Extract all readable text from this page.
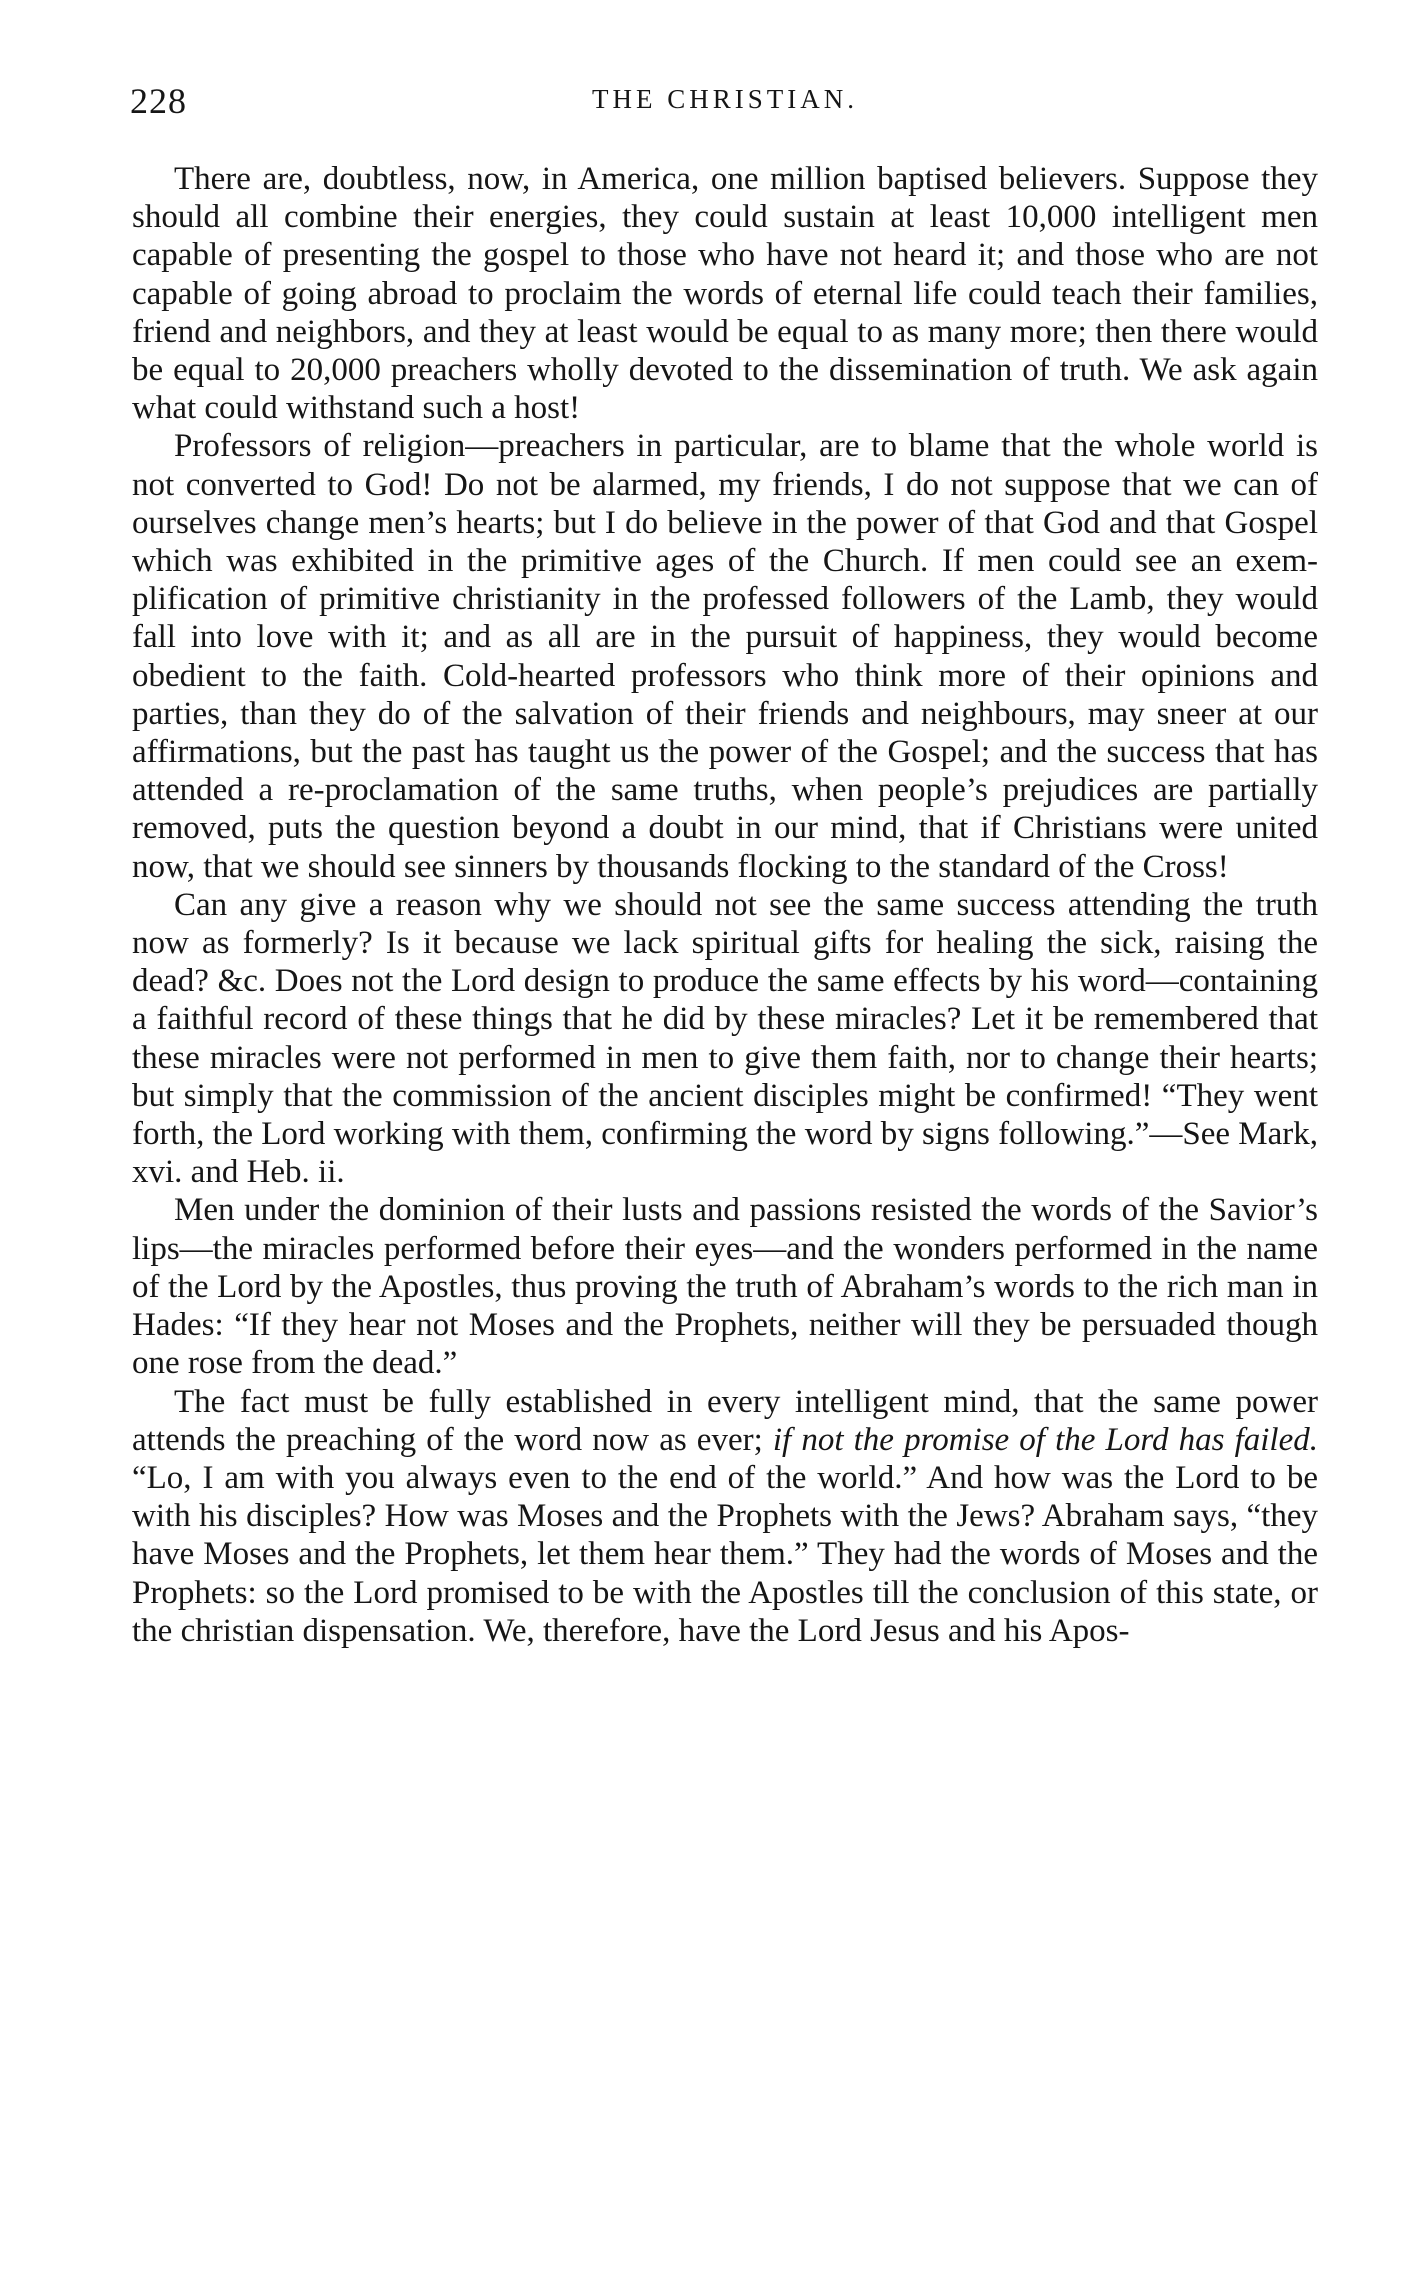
228	THE CHRISTIAN.

There are, doubtless, now, in America, one million baptised believers. Suppose they should all combine their energies, they could sustain at least 10,000 intelligent men capable of presenting the gospel to those who have not heard it; and those who are not capable of going abroad to proclaim the words of eternal life could teach their families, friend and neighbors, and they at least would be equal to as many more; then there would be equal to 20,000 preachers wholly devoted to the dissemination of truth. We ask again what could withstand such a host!

Professors of religion—preachers in particular, are to blame that the whole world is not converted to God! Do not be alarmed, my friends, I do not suppose that we can of ourselves change men’s hearts; but I do believe in the power of that God and that Gospel which was exhibited in the primitive ages of the Church. If men could see an exemplification of primitive christianity in the professed followers of the Lamb, they would fall into love with it; and as all are in the pursuit of happiness, they would become obedient to the faith. Cold-hearted professors who think more of their opinions and parties, than they do of the salvation of their friends and neighbours, may sneer at our affirmations, but the past has taught us the power of the Gospel; and the success that has attended a re-proclamation of the same truths, when people’s prejudices are partially removed, puts the question beyond a doubt in our mind, that if Christians were united now, that we should see sinners by thousands flocking to the standard of the Cross!

Can any give a reason why we should not see the same success attending the truth now as formerly? Is it because we lack spiritual gifts for healing the sick, raising the dead? &c. Does not the Lord design to produce the same effects by his word—containing a faithful record of these things that he did by these miracles? Let it be remembered that these miracles were not performed in men to give them faith, nor to change their hearts; but simply that the commission of the ancient disciples might be confirmed! “They went forth, the Lord working with them, confirming the word by signs following.”—See Mark, xvi. and Heb. ii.

Men under the dominion of their lusts and passions resisted the words of the Savior’s lips—the miracles performed before their eyes—and the wonders performed in the name of the Lord by the Apostles, thus proving the truth of Abraham’s words to the rich man in Hades: “If they hear not Moses and the Prophets, neither will they be persuaded though one rose from the dead.”

The fact must be fully established in every intelligent mind, that the same power attends the preaching of the word now as ever; if not the promise of the Lord has failed. “Lo, I am with you always even to the end of the world.” And how was the Lord to be with his disciples? How was Moses and the Prophets with the Jews? Abraham says, “they have Moses and the Prophets, let them hear them.” They had the words of Moses and the Prophets: so the Lord promised to be with the Apostles till the conclusion of this state, or the christian dispensation. We, therefore, have the Lord Jesus and his Apos-
